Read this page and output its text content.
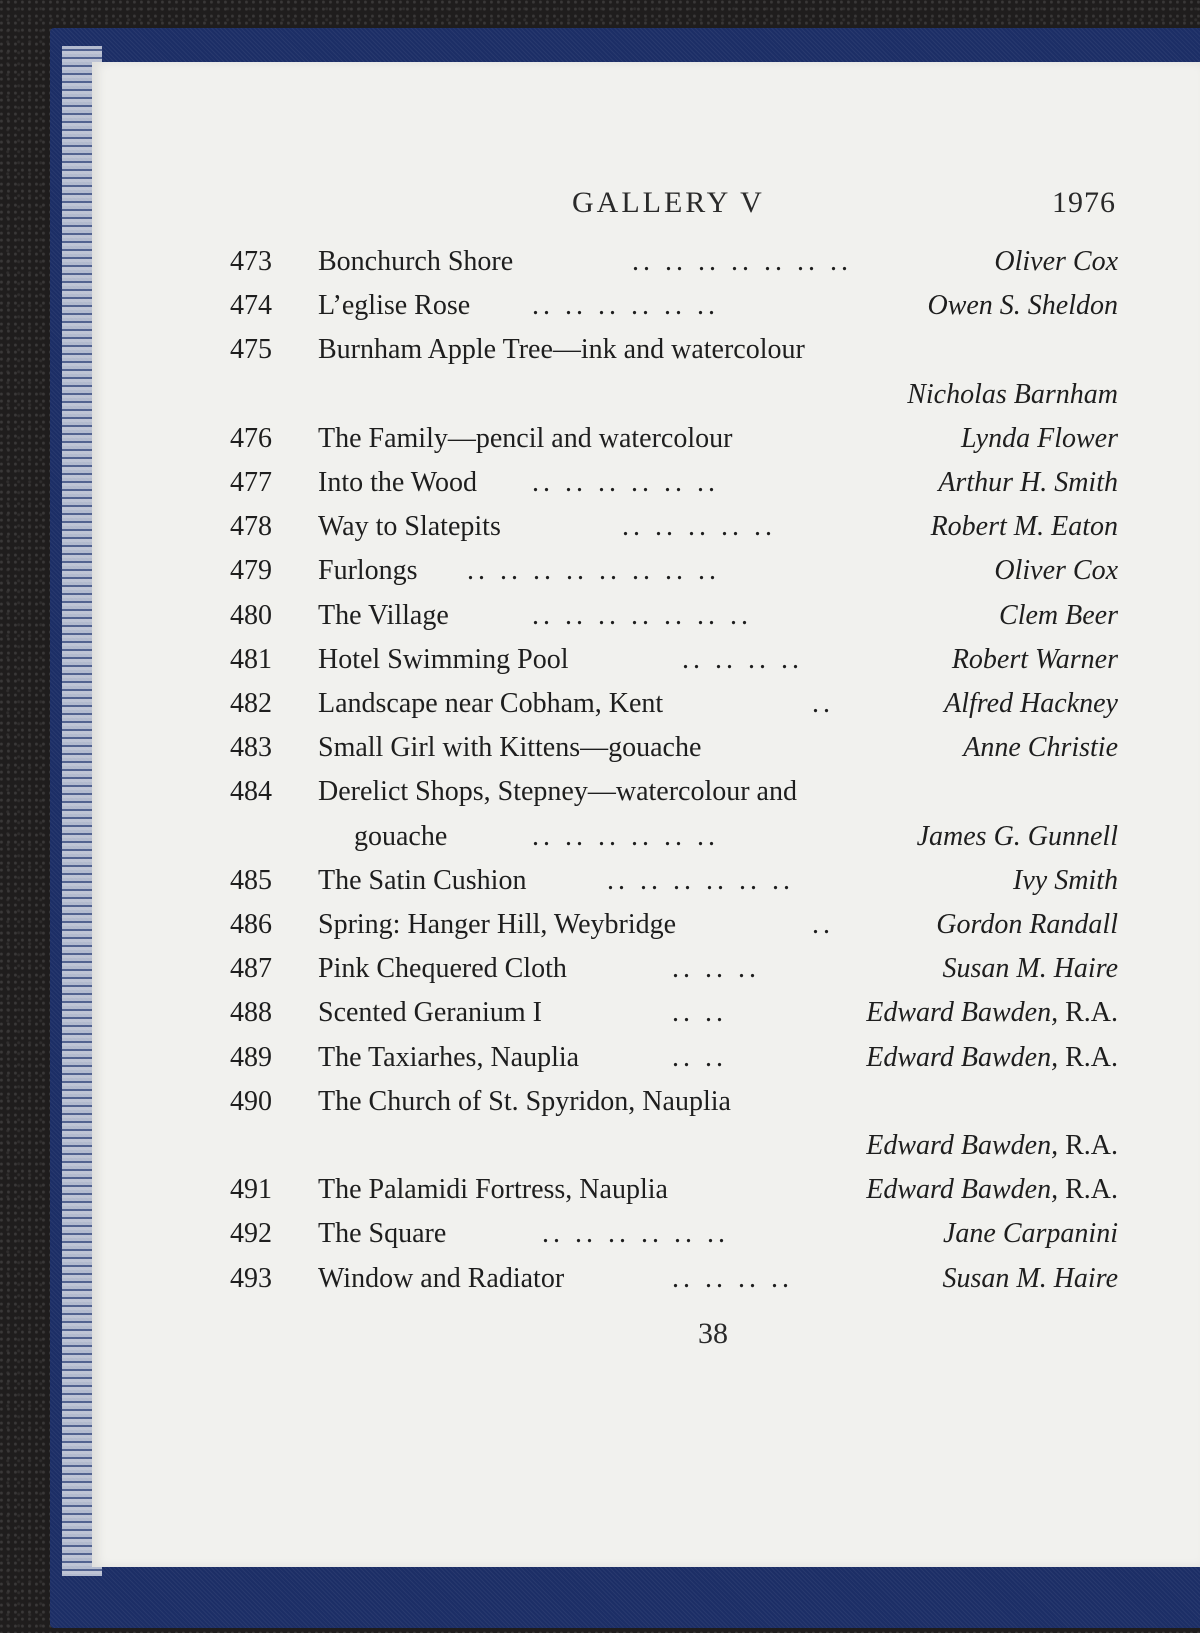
GALLERY V	1976
473	Bonchurch Shore	.. .. .. .. .. .. ..	Oliver Cox
474	L’eglise Rose .. .. .. .. .. ..	Owen S. Sheldon
475	Burnham Apple Tree—ink and watercolour
Nicholas Barnham
476	The Family—pencil and watercolour	Lynda Flower
477	Into the Wood .. .. .. .. .. ..	Arthur H. Smith
478	Way to Slatepits	.. .. .. .. ..	Robert M. Eaton
479	Furlongs .. .. .. .. .. .. .. ..	Oliver Cox
480	The Village	.. .. .. .. .. .. ..	Clem Beer
481	Hotel Swimming Pool	.. .. .. ..	Robert Warner
482	Landscape near Cobham, Kent	..	Alfred Hackney
483	Small Girl with Kittens—gouache	Anne Christie
484	Derelict Shops, Stepney—watercolour and
gouache	.. .. .. .. .. ..	James G. Gunnell
485	The Satin Cushion	.. .. .. .. .. ..	Ivy Smith
486	Spring: Hanger Hill, Weybridge	..	Gordon Randall
487	Pink Chequered Cloth	.. .. ..	Susan M. Haire
488	Scented Geranium I	.. ..	Edward Bawden, R.A.
489	The Taxiarhes, Nauplia	.. ..	Edward Bawden, R.A.
490	The Church of St. Spyridon, Nauplia
Edward Bawden, R.A.
491	The Palamidi Fortress, Nauplia	Edward Bawden, R.A.
492	The Square	.. .. .. .. .. ..	Jane Carpanini
493	Window and Radiator	.. .. .. ..	Susan M. Haire
38
